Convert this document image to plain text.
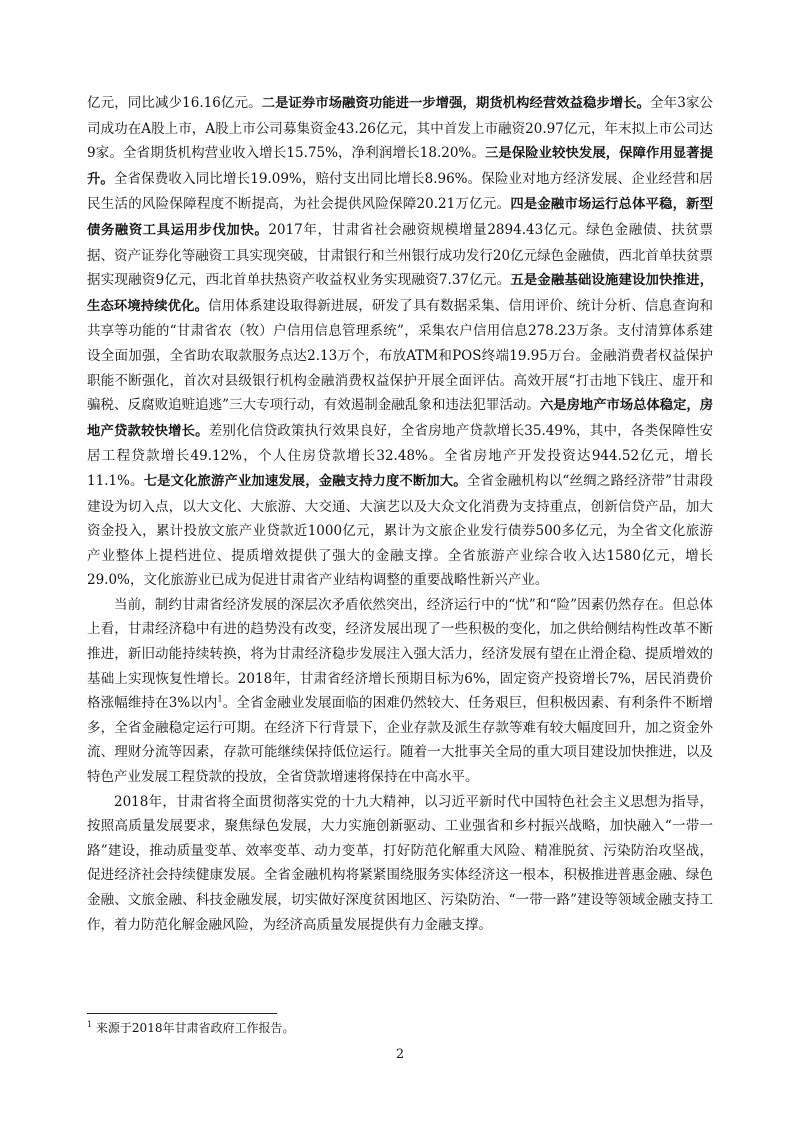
亿元，同比减少16.16亿元。二是证券市场融资功能进一步增强，期货机构经营效益稳步增长。全年3家公司成功在A股上市，A股上市公司募集资金43.26亿元，其中首发上市融资20.97亿元，年末拟上市公司达9家。全省期货机构营业收入增长15.75%，净利润增长18.20%。三是保险业较快发展，保障作用显著提升。全省保费收入同比增长19.09%，赔付支出同比增长8.96%。保险业对地方经济发展、企业经营和居民生活的风险保障程度不断提高，为社会提供风险保障20.21万亿元。四是金融市场运行总体平稳，新型债务融资工具运用步伐加快。2017年，甘肃省社会融资规模增量2894.43亿元。绿色金融债、扶贫票据、资产证券化等融资工具实现突破，甘肃银行和兰州银行成功发行20亿元绿色金融债，西北首单扶贫票据实现融资9亿元，西北首单扶热资产收益权业务实现融资7.37亿元。五是金融基础设施建设加快推进，生态环境持续优化。信用体系建设取得新进展，研发了具有数据采集、信用评价、统计分析、信息查询和共享等功能的“甘肃省农（牧）户信用信息管理系统”，采集农户信用信息278.23万条。支付清算体系建设全面加强，全省助农取款服务点达2.13万个，布放ATM和POS终端19.95万台。金融消费者权益保护职能不断强化，首次对县级银行机构金融消费权益保护开展全面评估。高效开展“打击地下钱庄、虚开和骗税、反腐败追赃追逃”三大专项行动，有效遏制金融乱象和违法犯罪活动。六是房地产市场总体稳定，房地产贷款较快增长。差别化信贷政策执行效果良好，全省房地产贷款增长35.49%，其中，各类保障性安居工程贷款增长49.12%，个人住房贷款增长32.48%。全省房地产开发投资达944.52亿元，增长11.1%。七是文化旅游产业加速发展，金融支持力度不断加大。全省金融机构以“丝绸之路经济带”甘肃段建设为切入点，以大文化、大旅游、大交通、大演艺以及大众文化消费为支持重点，创新信贷产品，加大资金投入，累计投放文旅产业贷款近1000亿元，累计为文旅企业发行债券500多亿元，为全省文化旅游产业整体上提档进位、提质增效提供了强大的金融支撑。全省旅游产业综合收入达1580亿元，增长29.0%，文化旅游业已成为促进甘肃省产业结构调整的重要战略性新兴产业。

当前，制约甘肃省经济发展的深层次矛盾依然突出，经济运行中的“忧”和“险”因素仍然存在。但总体上看，甘肃经济稳中有进的趋势没有改变，经济发展出现了一些积极的变化，加之供给侧结构性改革不断推进，新旧动能持续转换，将为甘肃经济稳步发展注入强大活力，经济发展有望在止滑企稳、提质增效的基础上实现恢复性增长。2018年，甘肃省经济增长预期目标为6%，固定资产投资增长7%，居民消费价格涨幅维持在3%以内$^1$。全省金融业发展面临的困难仍然较大、任务艰巨，但积极因素、有利条件不断增多，全省金融稳定运行可期。在经济下行背景下，企业存款及派生存款等难有较大幅度回升，加之资金外流、理财分流等因素，存款可能继续保持低位运行。随着一大批事关全局的重大项目建设加快推进，以及特色产业发展工程贷款的投放，全省贷款增速将保持在中高水平。

2018年，甘肃省将全面贯彻落实党的十九大精神，以习近平新时代中国特色社会主义思想为指导，按照高质量发展要求，聚焦绿色发展，大力实施创新驱动、工业强省和乡村振兴战略，加快融入“一带一路”建设，推动质量变革、效率变革、动力变革，打好防范化解重大风险、精准脱贫、污染防治攻坚战，促进经济社会持续健康发展。全省金融机构将紧紧围绕服务实体经济这一根本，积极推进普惠金融、绿色金融、文旅金融、科技金融发展，切实做好深度贫困地区、污染防治、“一带一路”建设等领域金融支持工作，着力防范化解金融风险，为经济高质量发展提供有力金融支撑。

$^1$ 来源于2018年甘肃省政府工作报告。
2
